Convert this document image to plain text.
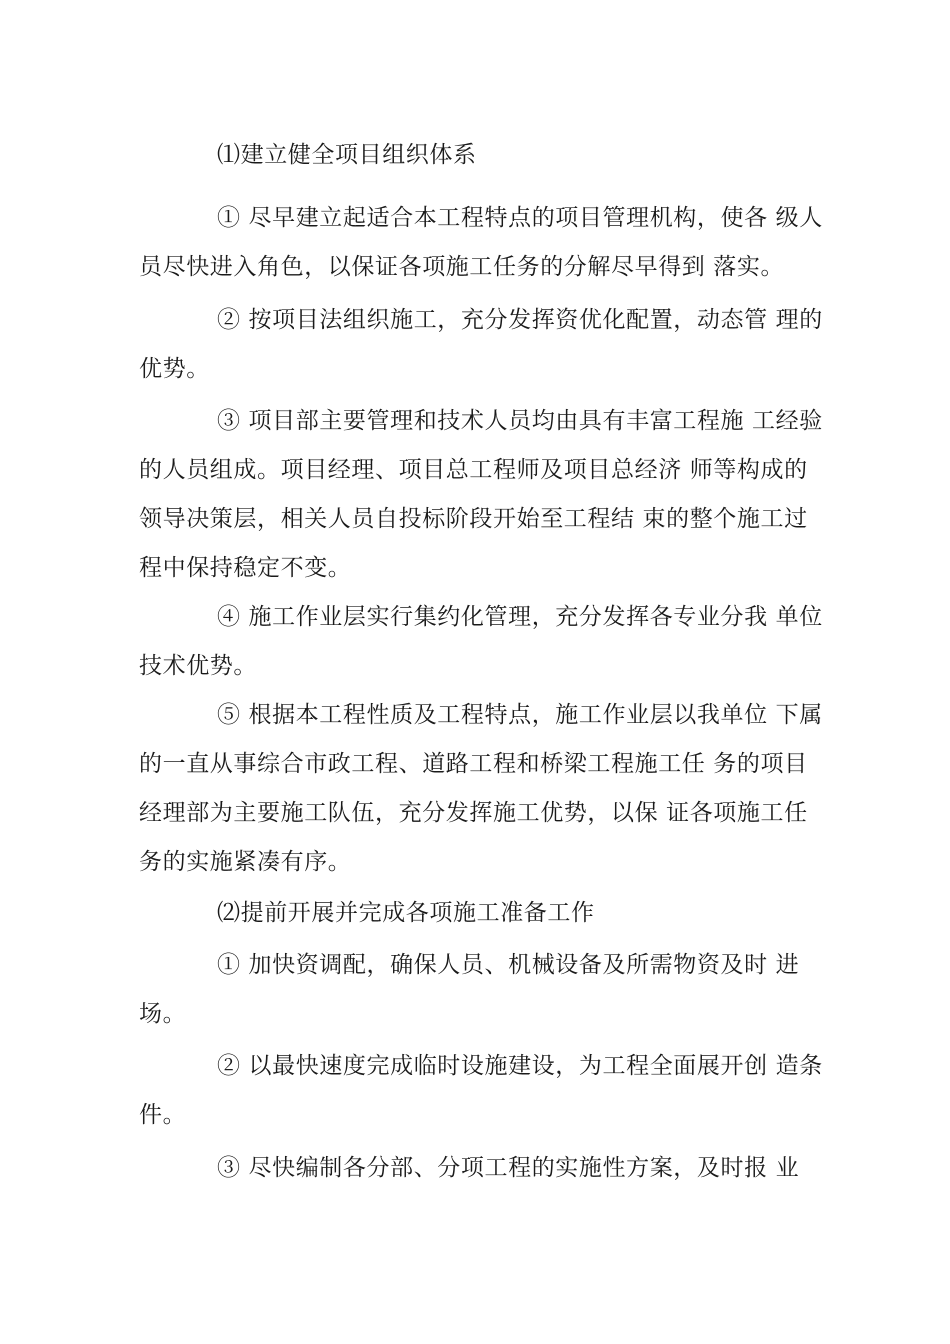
⑴建立健全项目组织体系
① 尽早建立起适合本工程特点的项目管理机构，使各 级人
员尽快进入角色，以保证各项施工任务的分解尽早得到 落实。
② 按项目法组织施工，充分发挥资优化配置，动态管 理的
优势。
③ 项目部主要管理和技术人员均由具有丰富工程施 工经验
的人员组成。项目经理、项目总工程师及项目总经济 师等构成的
领导决策层，相关人员自投标阶段开始至工程结 束的整个施工过
程中保持稳定不变。
④ 施工作业层实行集约化管理，充分发挥各专业分我 单位
技术优势。
⑤ 根据本工程性质及工程特点，施工作业层以我单位 下属
的一直从事综合市政工程、道路工程和桥梁工程施工任 务的项目
经理部为主要施工队伍，充分发挥施工优势，以保 证各项施工任
务的实施紧凑有序。
⑵提前开展并完成各项施工准备工作
① 加快资调配，确保人员、机械设备及所需物资及时 进
场。
② 以最快速度完成临时设施建设，为工程全面展开创 造条
件。
③ 尽快编制各分部、分项工程的实施性方案，及时报 业
